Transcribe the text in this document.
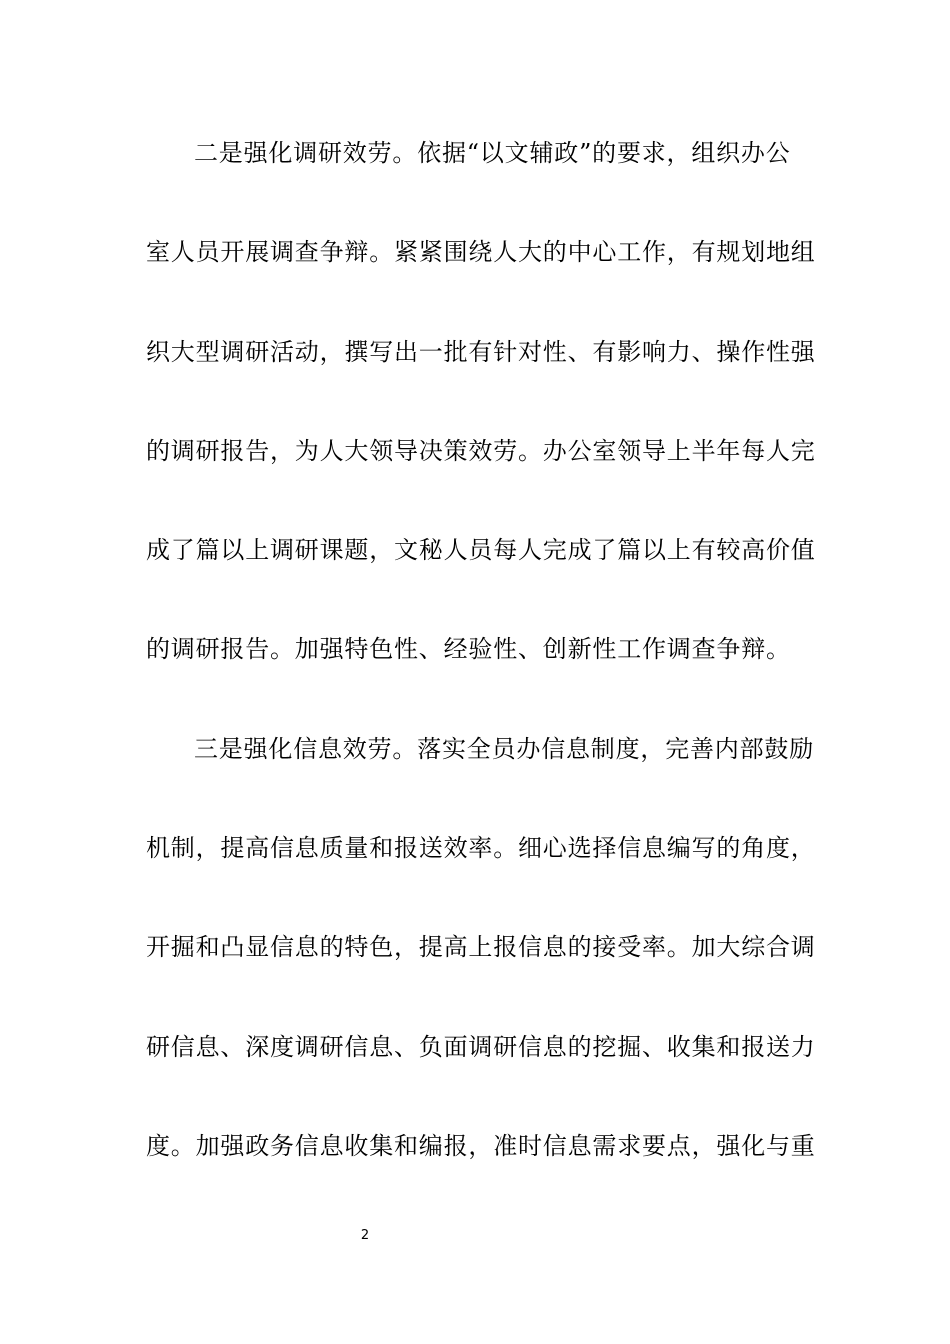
二是强化调研效劳。依据“以文辅政”的要求，组织办公
室人员开展调查争辩。紧紧围绕人大的中心工作，有规划地组
织大型调研活动，撰写出一批有针对性、有影响力、操作性强
的调研报告，为人大领导决策效劳。办公室领导上半年每人完
成了篇以上调研课题，文秘人员每人完成了篇以上有较高价值
的调研报告。加强特色性、经验性、创新性工作调查争辩。
三是强化信息效劳。落实全员办信息制度，完善内部鼓励
机制，提高信息质量和报送效率。细心选择信息编写的角度，
开掘和凸显信息的特色，提高上报信息的接受率。加大综合调
研信息、深度调研信息、负面调研信息的挖掘、收集和报送力
度。加强政务信息收集和编报，准时信息需求要点，强化与重
2
